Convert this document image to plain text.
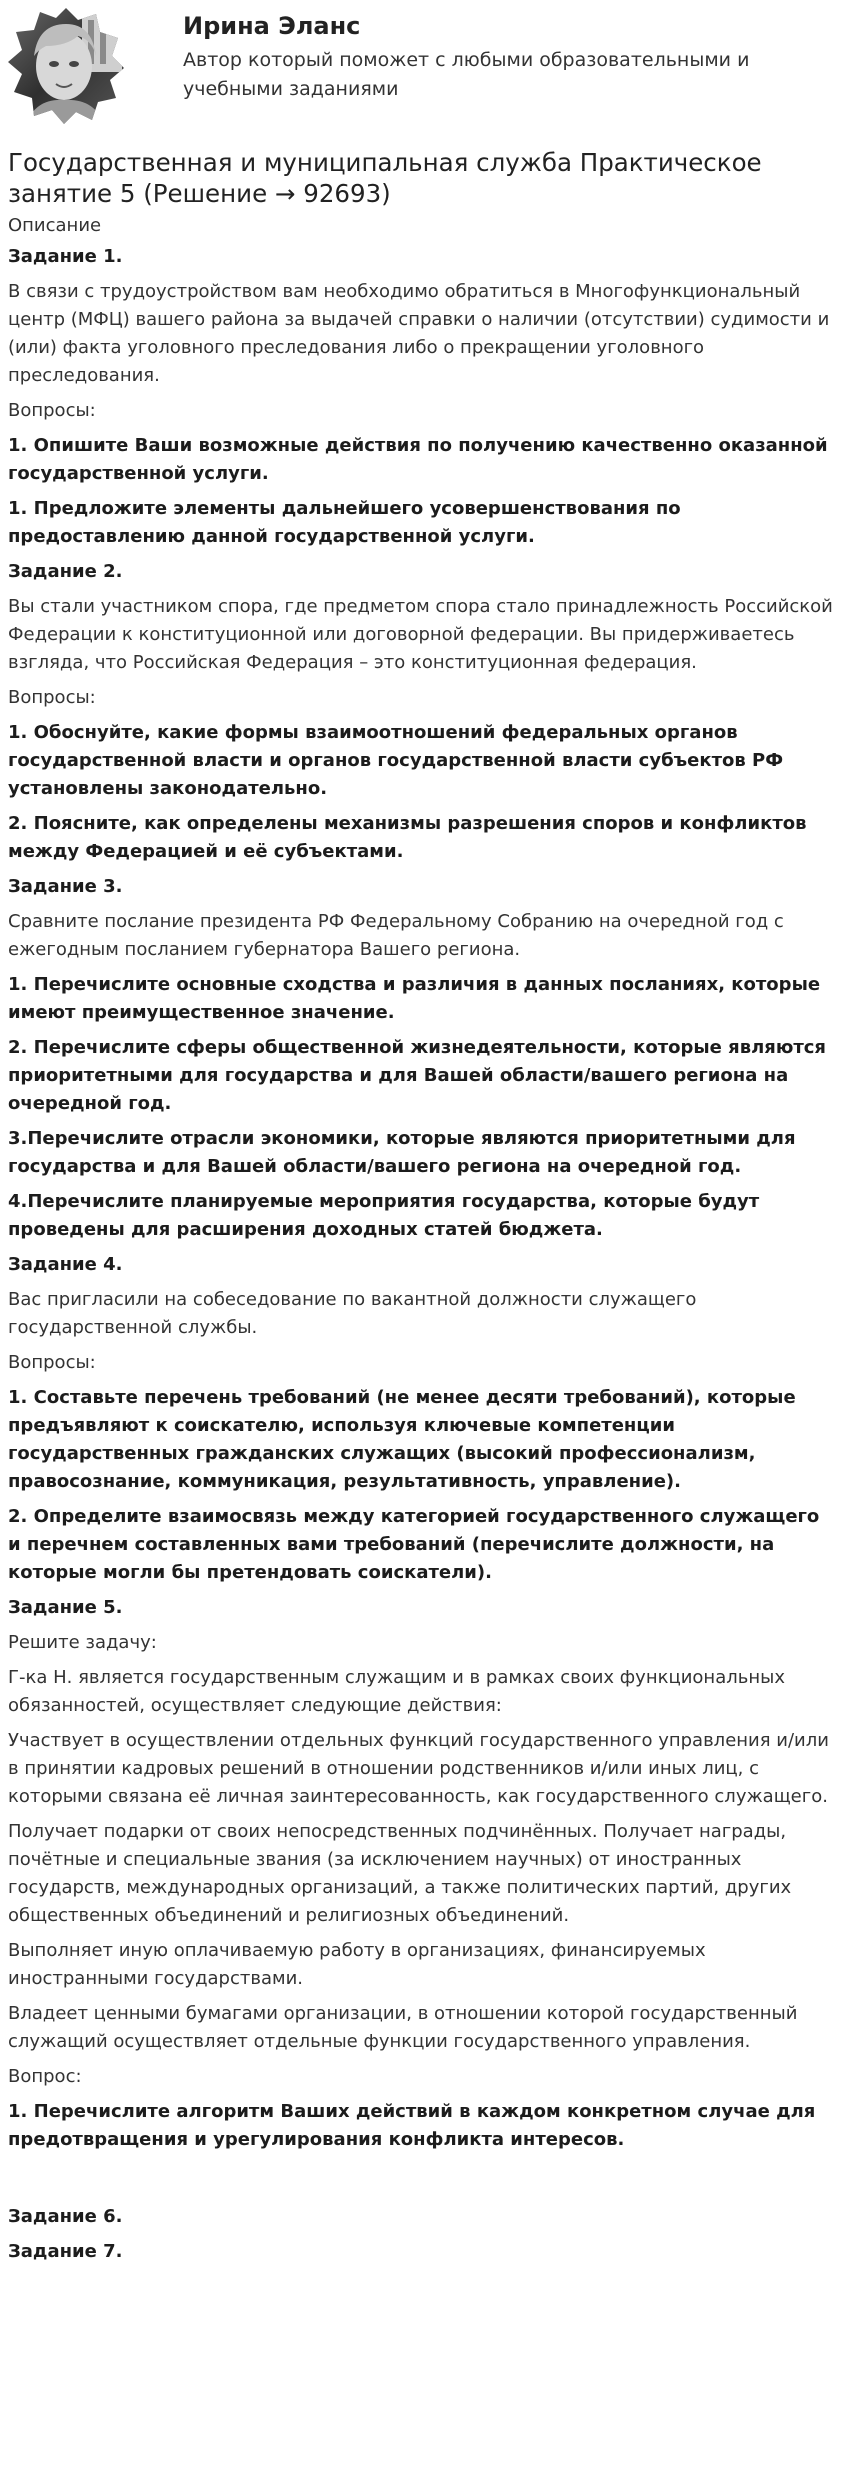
Ирина Эланс

Автор который поможет с любыми образовательными и учебными заданиями

Государственная и муниципальная служба Практическое занятие 5 (Решение → 92693)

Описание

Задание 1.

В связи с трудоустройством вам необходимо обратиться в Многофункциональный центр (МФЦ) вашего района за выдачей справки о наличии (отсутствии) судимости и (или) факта уголовного преследования либо о прекращении уголовного преследования.

Вопросы:

1. Опишите Ваши возможные действия по получению качественно оказанной государственной услуги.

1. Предложите элементы дальнейшего усовершенствования по предоставлению данной государственной услуги.

Задание 2.

Вы стали участником спора, где предметом спора стало принадлежность Российской Федерации к конституционной или договорной федерации. Вы придерживаетесь взгляда, что Российская Федерация – это конституционная федерация.

Вопросы:

1. Обоснуйте, какие формы взаимоотношений федеральных органов государственной власти и органов государственной власти субъектов РФ установлены законодательно.

2. Поясните, как определены механизмы разрешения споров и конфликтов между Федерацией и её субъектами.

Задание 3.

Сравните послание президента РФ Федеральному Собранию на очередной год с ежегодным посланием губернатора Вашего региона.

1. Перечислите основные сходства и различия в данных посланиях, которые имеют преимущественное значение.

2. Перечислите сферы общественной жизнедеятельности, которые являются приоритетными для государства и для Вашей области/вашего региона на очередной год.

3.Перечислите отрасли экономики, которые являются приоритетными для государства и для Вашей области/вашего региона на очередной год.

4.Перечислите планируемые мероприятия государства, которые будут проведены для расширения доходных статей бюджета.

Задание 4.

Вас пригласили на собеседование по вакантной должности служащего государственной службы.

Вопросы:

1. Составьте перечень требований (не менее десяти требований), которые предъявляют к соискателю, используя ключевые компетенции государственных гражданских служащих (высокий профессионализм, правосознание, коммуникация, результативность, управление).

2. Определите взаимосвязь между категорией государственного служащего и перечнем составленных вами требований (перечислите должности, на которые могли бы претендовать соискатели).

Задание 5.

Решите задачу:

Г-ка Н. является государственным служащим и в рамках своих функциональных обязанностей, осуществляет следующие действия:

Участвует в осуществлении отдельных функций государственного управления и/или в принятии кадровых решений в отношении родственников и/или иных лиц, с которыми связана её личная заинтересованность, как государственного служащего.

Получает подарки от своих непосредственных подчинённых. Получает награды, почётные и специальные звания (за исключением научных) от иностранных государств, международных организаций, а также политических партий, других общественных объединений и религиозных объединений.

Выполняет иную оплачиваемую работу в организациях, финансируемых иностранными государствами.

Владеет ценными бумагами организации, в отношении которой государственный служащий осуществляет отдельные функции государственного управления.

Вопрос:

1. Перечислите алгоритм Ваших действий в каждом конкретном случае для предотвращения и урегулирования конфликта интересов.

Задание 6.

Задание 7.
